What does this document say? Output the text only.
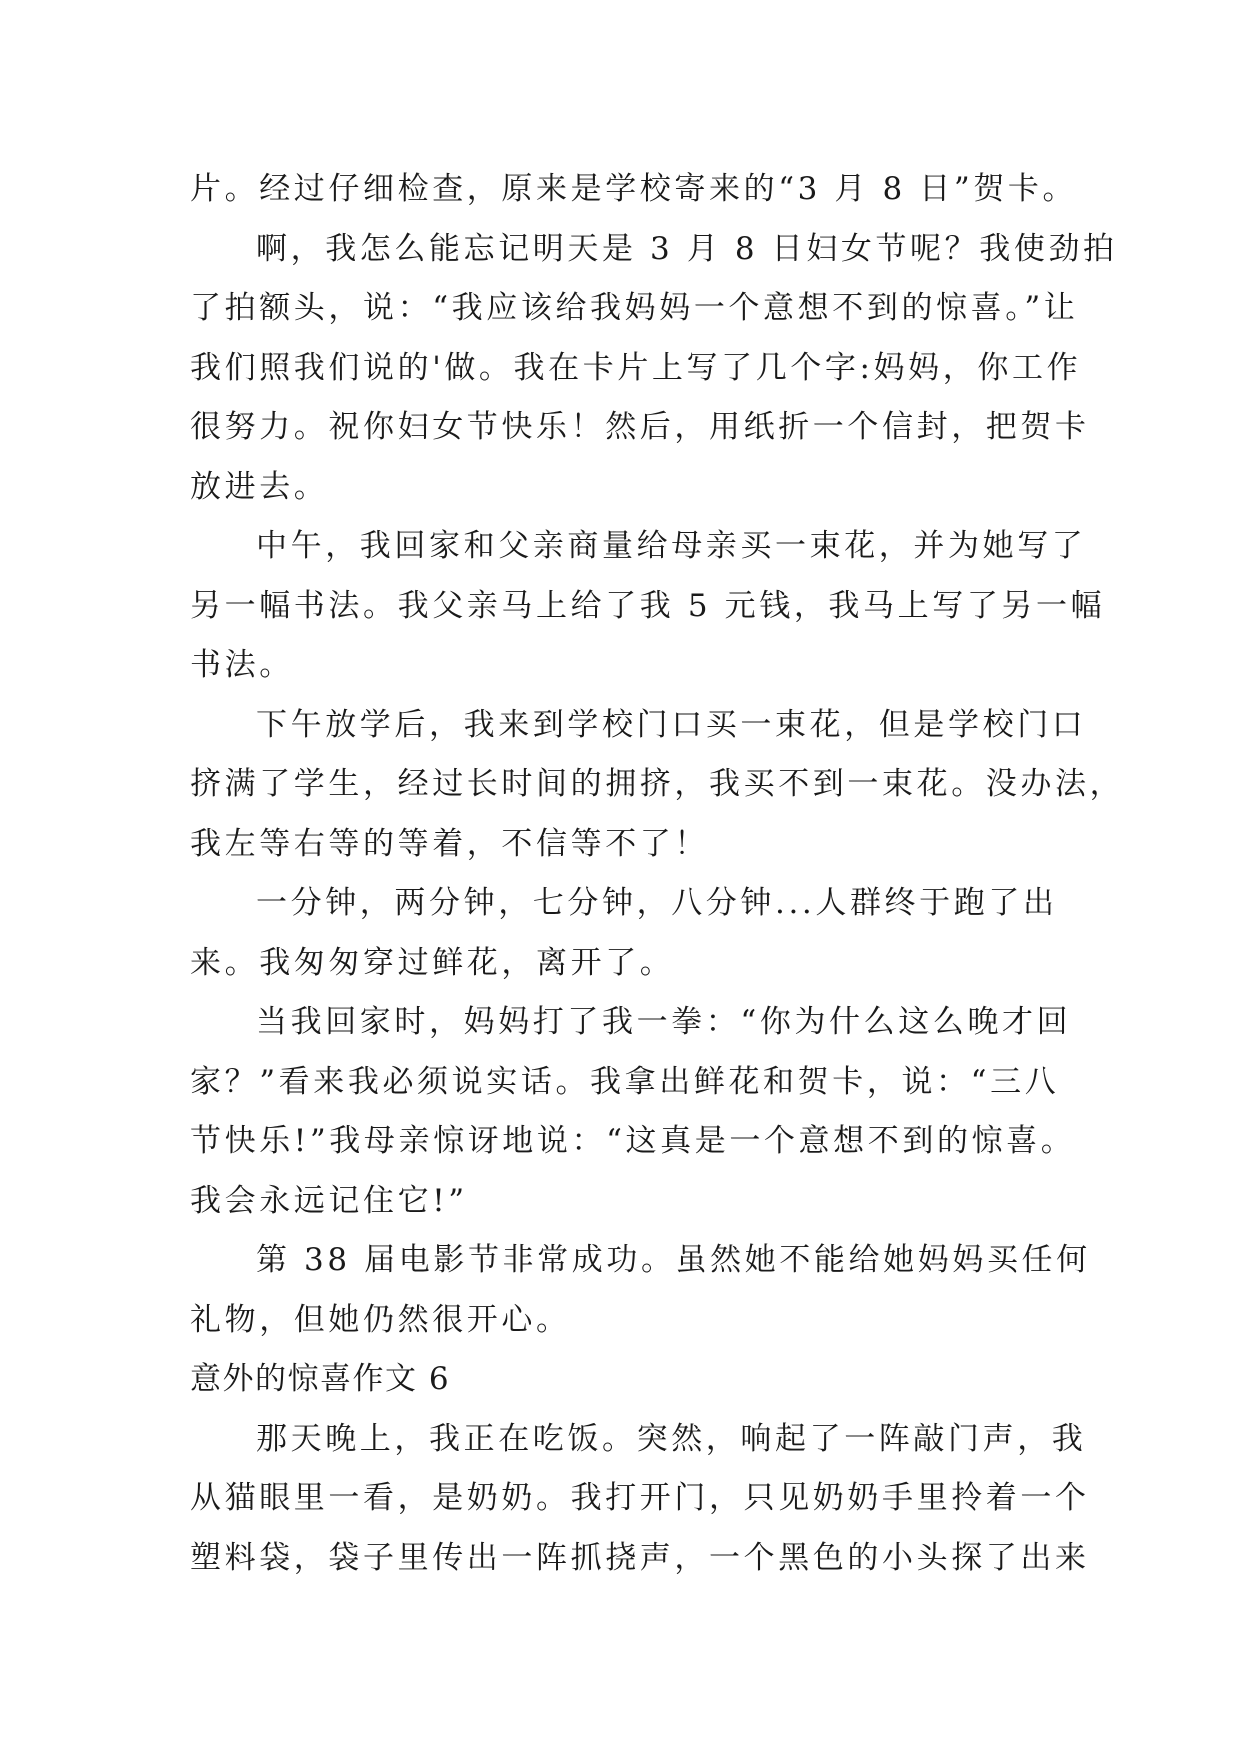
片。经过仔细检查，原来是学校寄来的“3 月 8 日”贺卡。
啊，我怎么能忘记明天是 3 月 8 日妇女节呢？我使劲拍
了拍额头，说：“我应该给我妈妈一个意想不到的惊喜。”让
我们照我们说的'做。我在卡片上写了几个字:妈妈，你工作
很努力。祝你妇女节快乐！然后，用纸折一个信封，把贺卡
放进去。
中午，我回家和父亲商量给母亲买一束花，并为她写了
另一幅书法。我父亲马上给了我 5 元钱，我马上写了另一幅
书法。
下午放学后，我来到学校门口买一束花，但是学校门口
挤满了学生，经过长时间的拥挤，我买不到一束花。没办法，
我左等右等的等着，不信等不了！
一分钟，两分钟，七分钟，八分钟...人群终于跑了出
来。我匆匆穿过鲜花，离开了。
当我回家时，妈妈打了我一拳：“你为什么这么晚才回
家？”看来我必须说实话。我拿出鲜花和贺卡，说：“三八
节快乐!”我母亲惊讶地说：“这真是一个意想不到的惊喜。
我会永远记住它!”
第 38 届电影节非常成功。虽然她不能给她妈妈买任何
礼物，但她仍然很开心。
意外的惊喜作文 6
那天晚上，我正在吃饭。突然，响起了一阵敲门声，我
从猫眼里一看，是奶奶。我打开门，只见奶奶手里拎着一个
塑料袋，袋子里传出一阵抓挠声，一个黑色的小头探了出来
